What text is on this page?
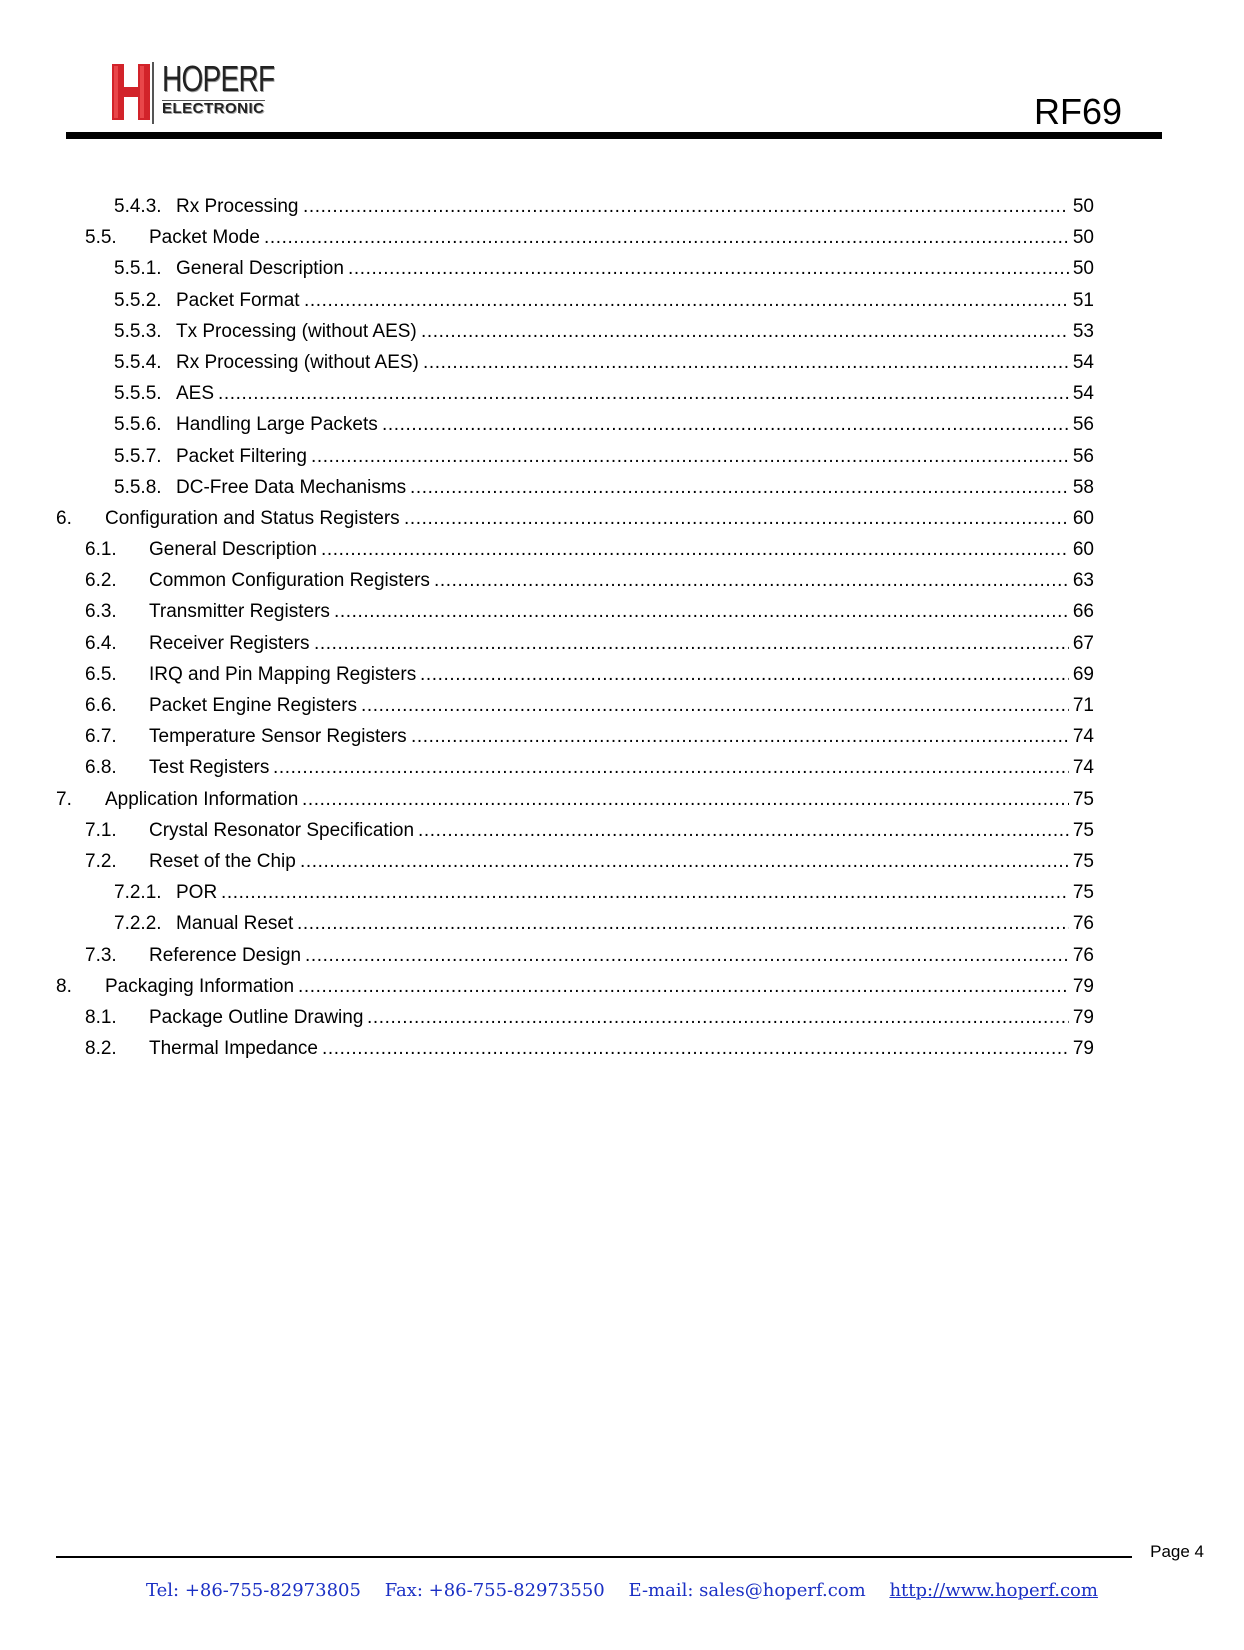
HOPERF
ELECTRONIC	RF69
5.4.3. ..... Rx Processing	50
5.5. ..... Packet Mode	50
5.5.1. ..... General Description	50
5.5.2. ..... Packet Format	51
5.5.3. ..... Tx Processing (without AES)	53
5.5.4. ..... Rx Processing (without AES)	54
5.5.5. ..... AES	54
5.5.6. ..... Handling Large Packets	56
5.5.7. ..... Packet Filtering	56
5.5.8. ..... DC-Free Data Mechanisms	58
6. ..... Configuration and Status Registers	60
6.1. ..... General Description	60
6.2. ..... Common Configuration Registers	63
6.3. ..... Transmitter Registers	66
6.4. ..... Receiver Registers	67
6.5. ..... IRQ and Pin Mapping Registers	69
6.6. ..... Packet Engine Registers	71
6.7. ..... Temperature Sensor Registers	74
6.8. ..... Test Registers	74
7. ..... Application Information	75
7.1. ..... Crystal Resonator Specification	75
7.2. ..... Reset of the Chip	75
7.2.1. ..... POR	75
7.2.2. ..... Manual Reset	76
7.3. ..... Reference Design	76
8. ..... Packaging Information	79
8.1. ..... Package Outline Drawing	79
8.2. ..... Thermal Impedance	79
Page 4
Tel: +86-755-82973805 Fax: +86-755-82973550 E-mail: sales@hoperf.com http://www.hoperf.com
